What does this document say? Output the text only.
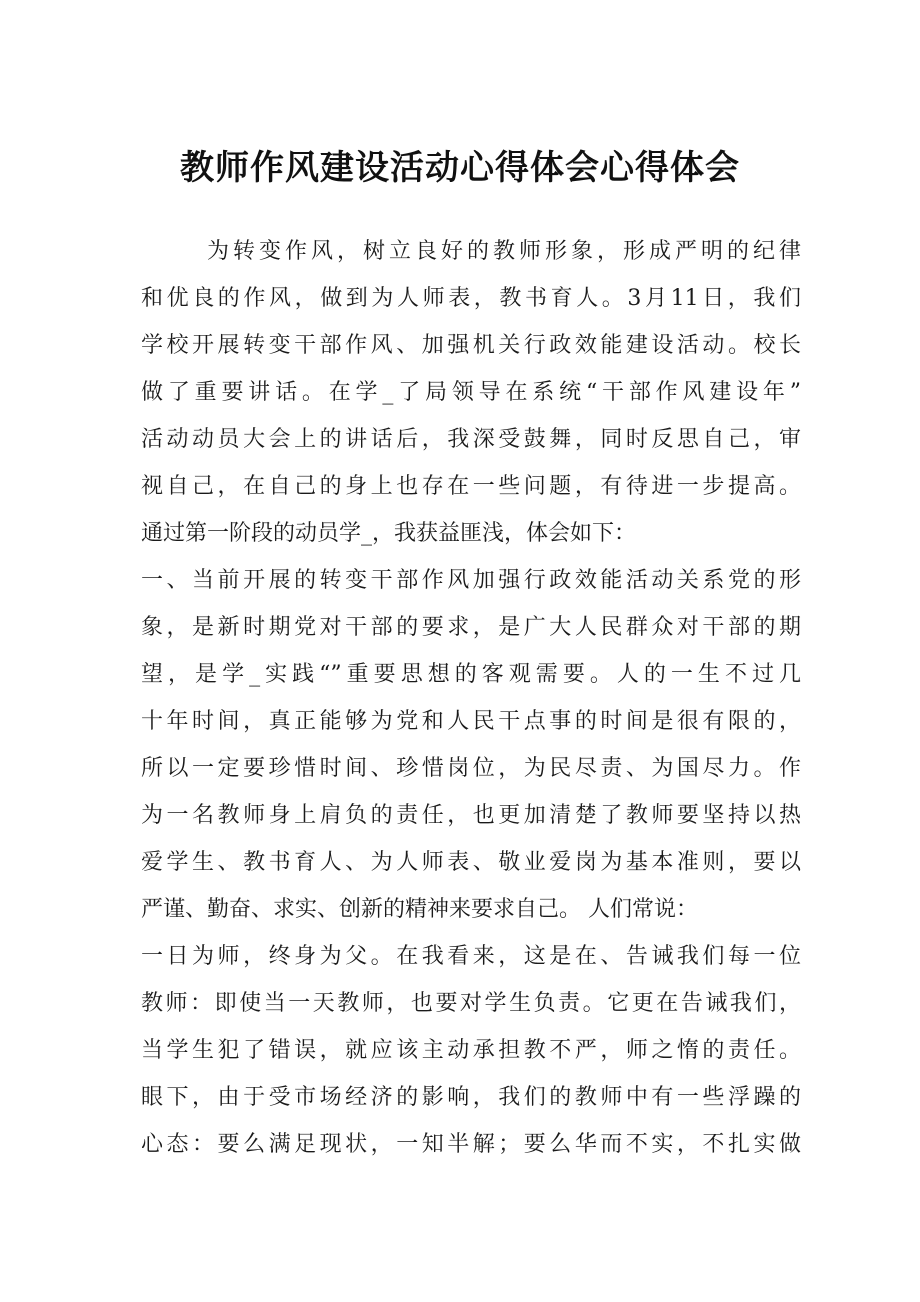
教师作风建设活动心得体会心得体会
为转变作风，树立良好的教师形象，形成严明的纪律
和优良的作风，做到为人师表，教书育人。3月11日，我们
学校开展转变干部作风、加强机关行政效能建设活动。校长
做了重要讲话。在学_了局领导在系统“干部作风建设年”
活动动员大会上的讲话后，我深受鼓舞，同时反思自己，审
视自己，在自己的身上也存在一些问题，有待进一步提高。
通过第一阶段的动员学_，我获益匪浅，体会如下：
一、当前开展的转变干部作风加强行政效能活动关系党的形
象，是新时期党对干部的要求，是广大人民群众对干部的期
望，是学_实践“”重要思想的客观需要。人的一生不过几
十年时间，真正能够为党和人民干点事的时间是很有限的，
所以一定要珍惜时间、珍惜岗位，为民尽责、为国尽力。作
为一名教师身上肩负的责任，也更加清楚了教师要坚持以热
爱学生、教书育人、为人师表、敬业爱岗为基本准则，要以
严谨、勤奋、求实、创新的精神来要求自己。 人们常说：
一日为师，终身为父。在我看来，这是在、告诫我们每一位
教师：即使当一天教师，也要对学生负责。它更在告诫我们，
当学生犯了错误，就应该主动承担教不严，师之惰的责任。
眼下，由于受市场经济的影响，我们的教师中有一些浮躁的
心态：要么满足现状，一知半解；要么华而不实，不扎实做
